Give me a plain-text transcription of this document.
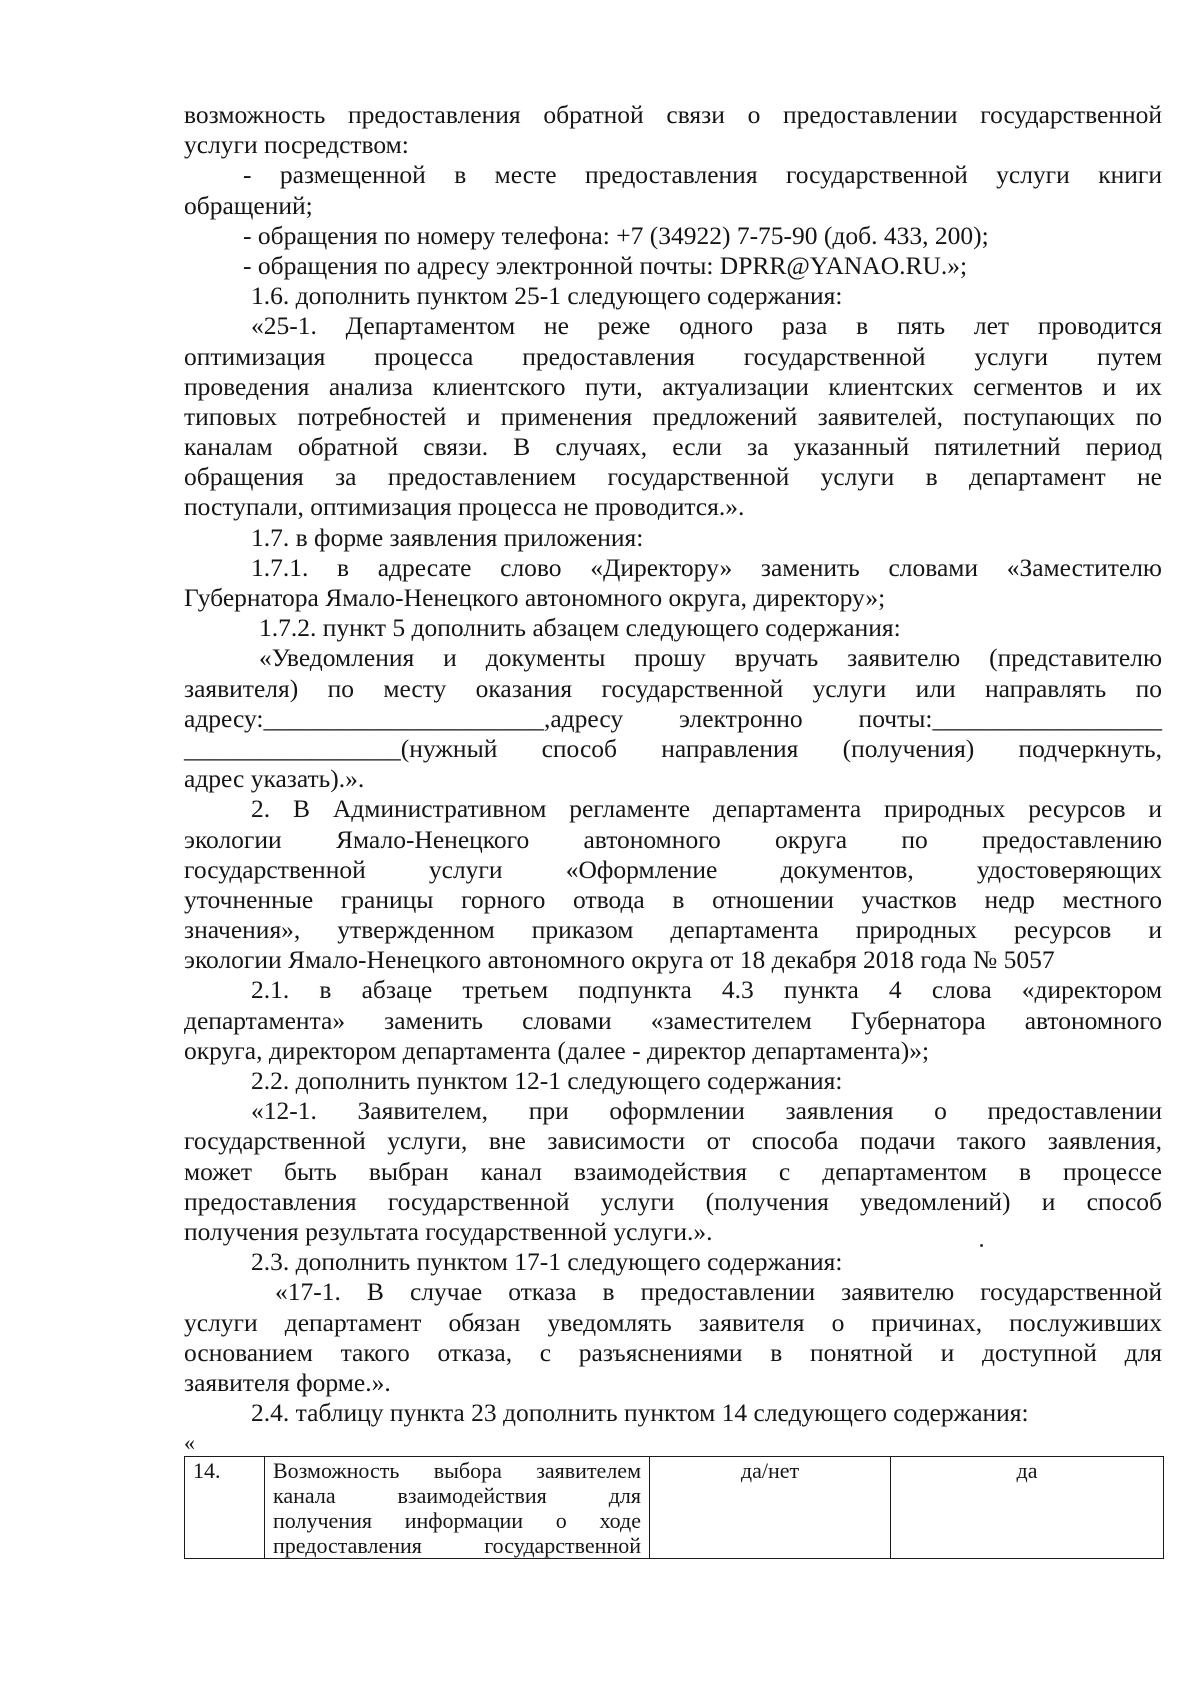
возможность предоставления обратной связи о предоставлении государственной
услуги посредством:
- размещенной в месте предоставления государственной услуги книги
обращений;
- обращения по номеру телефона: +7 (34922) 7-75-90 (доб. 433, 200);
- обращения по адресу электронной почты: DPRR@YANAO.RU.»;
1.6. дополнить пунктом 25-1 следующего содержания:
«25-1. Департаментом не реже одного раза в пять лет проводится
оптимизация процесса предоставления государственной услуги путем
проведения анализа клиентского пути, актуализации клиентских сегментов и их
типовых потребностей и применения предложений заявителей, поступающих по
каналам обратной связи. В случаях, если за указанный пятилетний период
обращения за предоставлением государственной услуги в департамент не
поступали, оптимизация процесса не проводится.».
1.7. в форме заявления приложения:
1.7.1. в адресате слово «Директору» заменить словами «Заместителю
Губернатора Ямало-Ненецкого автономного округа, директору»;
1.7.2. пункт 5 дополнить абзацем следующего содержания:
«Уведомления и документы прошу вручать заявителю (представителю
заявителя) по месту оказания государственной услуги или направлять по
адресу:______________________,адресу электронно почты:__________________
_________________(нужный способ направления (получения) подчеркнуть,
адрес указать).».
2. В Административном регламенте департамента природных ресурсов и
экологии Ямало-Ненецкого автономного округа по предоставлению
государственной услуги «Оформление документов, удостоверяющих
уточненные границы горного отвода в отношении участков недр местного
значения», утвержденном приказом департамента природных ресурсов и
экологии Ямало-Ненецкого автономного округа от 18 декабря 2018 года № 5057
2.1. в абзаце третьем подпункта 4.3 пункта 4 слова «директором
департамента» заменить словами «заместителем Губернатора автономного
округа, директором департамента (далее - директор департамента)»;
2.2. дополнить пунктом 12-1 следующего содержания:
«12-1. Заявителем, при оформлении заявления о предоставлении
государственной услуги, вне зависимости от способа подачи такого заявления,
может быть выбран канал взаимодействия с департаментом в процессе
предоставления государственной услуги (получения уведомлений) и способ
получения результата государственной услуги.».
2.3. дополнить пунктом 17-1 следующего содержания:
«17-1. В случае отказа в предоставлении заявителю государственной
услуги департамент обязан уведомлять заявителя о причинах, послуживших
основанием такого отказа, с разъяснениями в понятной и доступной для
заявителя форме.».
2.4. таблицу пункта 23 дополнить пунктом 14 следующего содержания:
«
14.	Возможность выбора заявителем
канала взаимодействия для
получения информации о ходе
предоставления государственной
	да/нет	да
